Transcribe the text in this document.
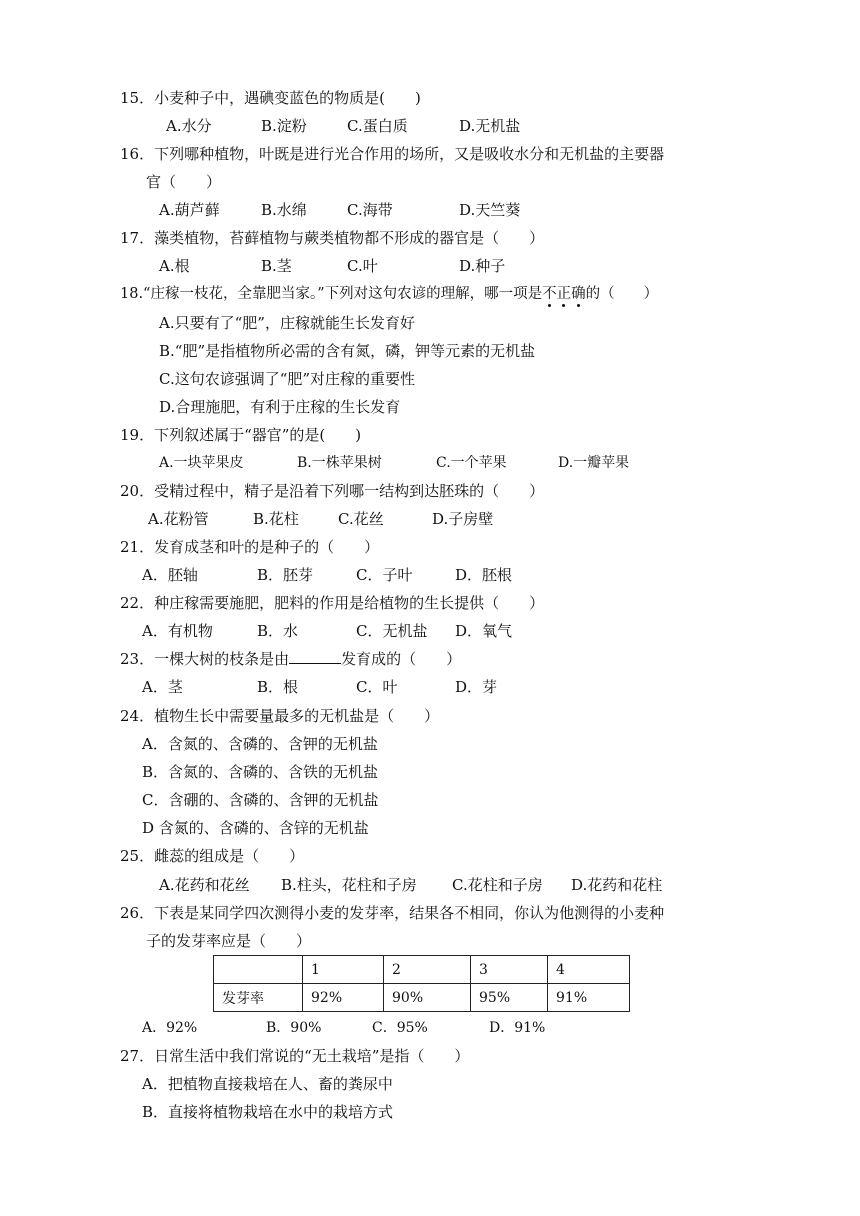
15．小麦种子中，遇碘变蓝色的物质是(　　)
A.水分	B.淀粉	C.蛋白质	D.无机盐
16．下列哪种植物，叶既是进行光合作用的场所，又是吸收水分和无机盐的主要器
官（　　）
A.葫芦藓	B.水绵	C.海带	D.天竺葵
17．藻类植物，苔藓植物与蕨类植物都不形成的器官是（　　）
A.根	B.茎	C.叶	D.种子
18.“庄稼一枝花，全靠肥当家。”下列对这句农谚的理解，哪一项是不正确的（　　）
A.只要有了“肥”，庄稼就能生长发育好
B.“肥”是指植物所必需的含有氮，磷，钾等元素的无机盐
C.这句农谚强调了“肥”对庄稼的重要性
D.合理施肥，有利于庄稼的生长发育
19．下列叙述属于“器官”的是(　　)
A.一块苹果皮	B.一株苹果树	C.一个苹果	D.一瓣苹果
20．受精过程中，精子是沿着下列哪一结构到达胚珠的（　　）
A.花粉管	B.花柱	C.花丝	D.子房壁
21．发育成茎和叶的是种子的（　　）
A．胚轴	B．胚芽	C．子叶	D．胚根
22．种庄稼需要施肥，肥料的作用是给植物的生长提供（　　）
A．有机物	B．水	C．无机盐 D．氧气
23．一棵大树的枝条是由	发育成的（　　）
A．茎	B．根	C．叶	D．芽
24．植物生长中需要量最多的无机盐是（　　）
A．含氮的、含磷的、含钾的无机盐
B．含氮的、含磷的、含铁的无机盐
C．含硼的、含磷的、含钾的无机盐
D 含氮的、含磷的、含锌的无机盐
25．雌蕊的组成是（　　）
A.花药和花丝 B.柱头，花柱和子房 C.花柱和子房 D.花药和花柱
26．下表是某同学四次测得小麦的发芽率，结果各不相同，你认为他测得的小麦种
子的发芽率应是（　　）
	1	2	3	4
发芽率	92%	90%	95%	91%
A．92%	B．90%	C．95%	D．91%
27．日常生活中我们常说的“无土栽培”是指（　　）
A．把植物直接栽培在人、畜的粪尿中
B．直接将植物栽培在水中的栽培方式
